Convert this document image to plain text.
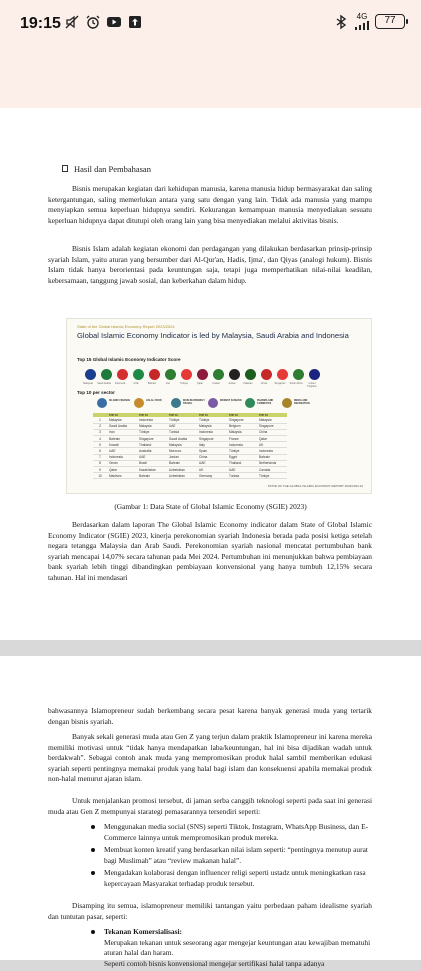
19:15	4G	77
Hasil dan Pembahasan

Bisnis merupakan kegiatan dari kehidupan manusia, karena manusia hidup bermasyarakat dan saling ketergantungan, saling memerlukan antara yang satu dengan yang lain. Tidak ada manusia yang mampu menyiapkan semua keperluan hidupnya sendiri. Kekurangan kemampuan manusia menyediakan sesuatu keperluan hidupnya dapat ditutupi oleh orang lain yang bisa menyediakan melalui aktivitas bisnis.

Bisnis Islam adalah kegiatan ekonomi dan perdagangan yang dilakukan berdasarkan prinsip-prinsip syariah Islam, yaitu aturan yang bersumber dari Al-Qur'an, Hadis, Ijma', dan Qiyas (analogi hukum). Bisnis Islam tidak hanya berorientasi pada keuntungan saja, tetapi juga memperhatikan nilai-nilai keadilan, kebersamaan, tanggung jawab sosial, dan keberkahan dalam hidup.

State of the Global Islamic Economy Report 2023/2024
Global Islamic Economy Indicator is led by Malaysia, Saudi Arabia and Indonesia
Top 15 Global Islamic Economy Indicator Score
Malaysia	Saudi Arabia	Indonesia	UAE	Bahrain	Iran	Türkiye	Qatar	Kuwait	Jordan	Pakistan	Oman	Singapore	South Africa	United Kingdom
Top 10 per sector
ISLAMIC FINANCE	HALAL FOOD	MUSLIM-FRIENDLY TRAVEL
MODEST FASHION	PHARMA AND COSMETICS
MEDIA AND RECREATION
	TOP 10	TOP 10	TOP 10	TOP 10	TOP 10	TOP 10
1	Malaysia	Indonesia	Türkiye	Türkiye	Singapore	Malaysia
2	Saudi Arabia	Malaysia	UAE	Malaysia	Belgium	Singapore
3	Iran	Türkiye	Tunisia	Indonesia	Malaysia	China
4	Bahrain	Singapore	Saudi Arabia	Singapore	France	Qatar
5	Kuwait	Thailand	Malaysia	Italy	Indonesia	UK
6	UAE	Australia	Morocco	Spain	Türkiye	Indonesia
7	Indonesia	UAE	Jordan	China	Egypt	Bahrain
8	Oman	Brazil	Bahrain	UAE	Thailand	Netherlands
9	Qatar	Kazakhstan	Uzbekistan	UK	UAE	Canada
10	Maldives	Bahrain	Uzbekistan	Germany	Tunisia	Türkiye
STATE OF THE GLOBAL ISLAMIC ECONOMY REPORT 2023/2024 22
(Gambar 1: Data State of Global Islamic Economy (SGIE) 2023)

Berdasarkan dalam laporan The Global Islamic Economy indicator dalam State of Global Islamic Economy Indicator (SGIE) 2023, kinerja perekonomian syariah Indonesia berada pada posisi ketiga setelah negara tetangga Malaysia dan Arab Saudi. Perekonomian syariah nasional mencatat pertumbuhan bank syariah mencapai 14,07% secara tahunan pada Mei 2024. Pertumbuhan ini menunjukkan bahwa pembiayaan bank syariah lebih tinggi dibandingkan pembiayaan konvensional yang hanya tumbuh 12,15% secara tahunan. Hal ini mendasari

bahwasannya Islamopreneur sudah berkembang secara pesat karena banyak generasi muda yang tertarik dengan bisnis syariah.

Banyak sekali generasi muda atau Gen Z yang terjun dalam praktik Islamopreneur ini karena mereka memiliki motivasi untuk “tidak hanya mendapatkan laba/keuntungan, hal ini bisa dijadikan wadah untuk berdakwah”. Sebagai contoh anak muda yang mempromosikan produk halal sambil memberikan edukasi syariah seperti pentingnya memakai produk yang halal bagi islam dan konsekuensi apabila memakai produk non-halal menurut ajaran islam.

Untuk menjalankan promosi tersebut, di jaman serba canggih teknologi seperti pada saat ini generasi muda atau Gen Z mempunyai starategi pemasarannya tersendiri seperti:

Menggunakan media social (SNS) seperti Tiktok, Instagram, WhatsApp Business, dan E-Commerce lainnya untuk mempromosikan produk mereka.
Membuat konten kreatif yang berdasarkan nilai islam seperti: “pentingnya menutup aurat bagi Muslimah” atau “review makanan halal”.
Mengadakan kolaborasi dengan influencer religi seperti ustadz untuk meningkatkan rasa kepercayaan Masyarakat terhadap produk tersebut.

Disamping itu semua, islamopreneur memiliki tantangan yaitu perbedaan paham idealisme syariah dan tuntutan pasar, seperti:

Tekanan Komersialisasi:
Merupakan tekanan untuk seseorang agar mengejar keuntungan atau kewajiban mematuhi aturan halal dan haram.
Seperti contoh bisnis konvensional mengejar sertifikasi halal tanpa adanya
